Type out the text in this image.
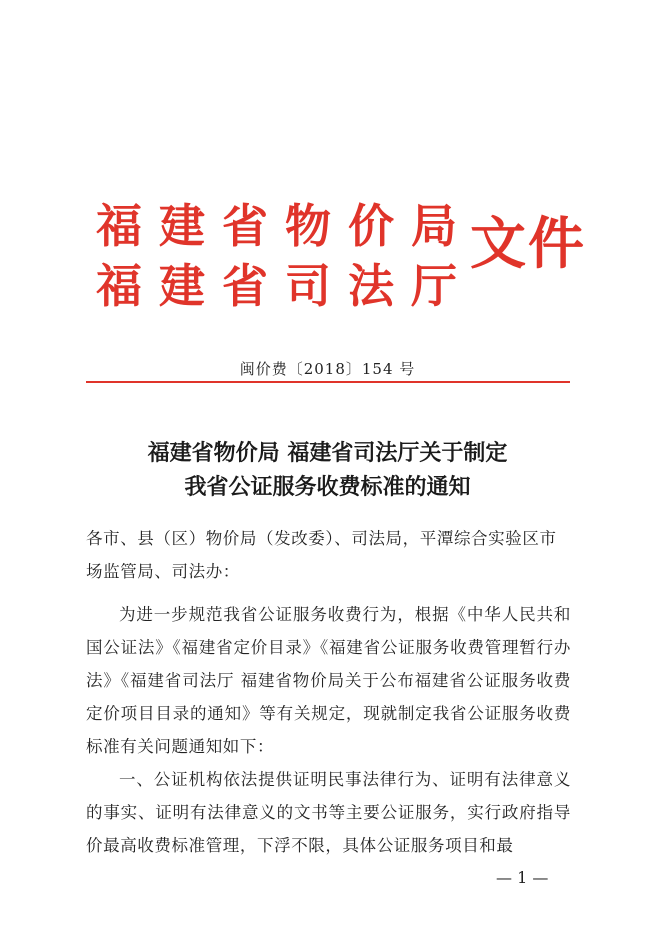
福建省物价局
福建省司法厅
文件
闽价费〔2018〕154 号
福建省物价局 福建省司法厅关于制定
我省公证服务收费标准的通知

各市、县（区）物价局（发改委）、司法局，平潭综合实验区市场监管局、司法办：

为进一步规范我省公证服务收费行为，根据《中华人民共和国公证法》《福建省定价目录》《福建省公证服务收费管理暂行办法》《福建省司法厅 福建省物价局关于公布福建省公证服务收费定价项目目录的通知》等有关规定，现就制定我省公证服务收费标准有关问题通知如下：

一、公证机构依法提供证明民事法律行为、证明有法律意义的事实、证明有法律意义的文书等主要公证服务，实行政府指导价最高收费标准管理，下浮不限，具体公证服务项目和最

— 1 —
